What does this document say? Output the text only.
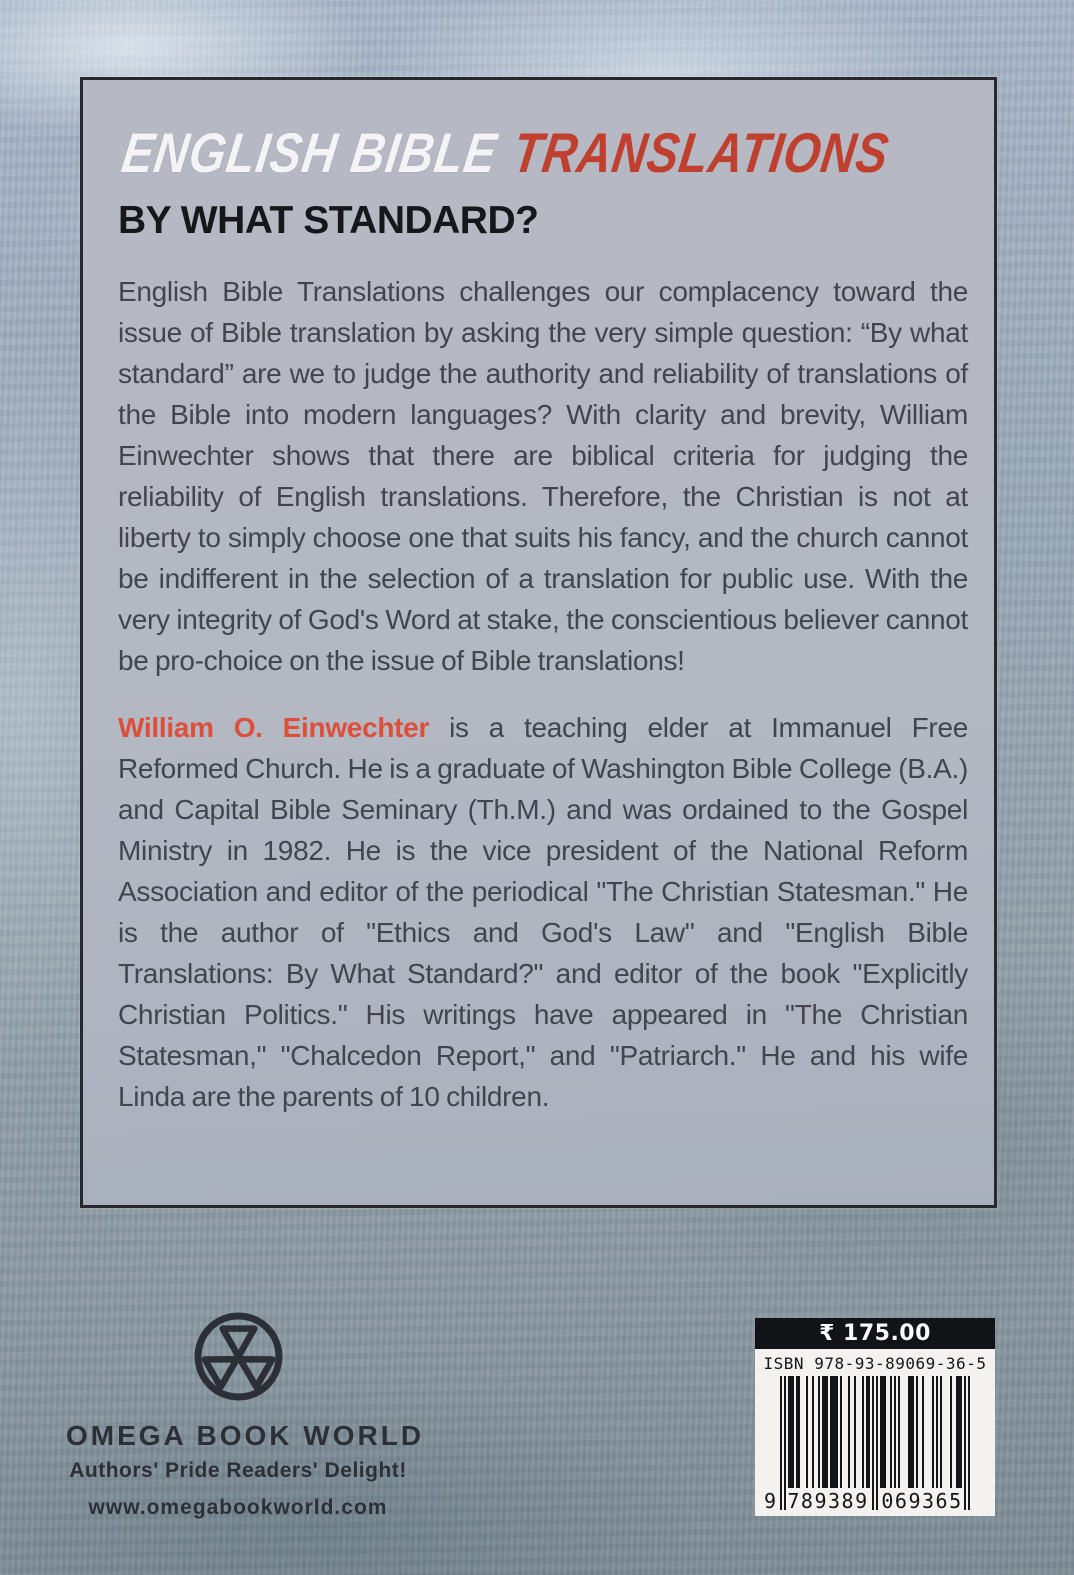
ENGLISH BIBLE TRANSLATIONS
BY WHAT STANDARD?

English Bible Translations challenges our complacency toward the issue of Bible translation by asking the very simple question: “By what standard” are we to judge the authority and reliability of translations of the Bible into modern languages? With clarity and brevity, William Einwechter shows that there are biblical criteria for judging the reliability of English translations. Therefore, the Christian is not at liberty to simply choose one that suits his fancy, and the church cannot be indifferent in the selection of a translation for public use. With the very integrity of God's Word at stake, the conscientious believer cannot be pro-choice on the issue of Bible translations!

William O. Einwechter is a teaching elder at Immanuel Free Reformed Church. He is a graduate of Washington Bible College (B.A.) and Capital Bible Seminary (Th.M.) and was ordained to the Gospel Ministry in 1982. He is the vice president of the National Reform Association and editor of the periodical "The Christian Statesman." He is the author of "Ethics and God's Law" and "English Bible Translations: By What Standard?" and editor of the book "Explicitly Christian Politics." His writings have appeared in "The Christian Statesman," "Chalcedon Report," and "Patriarch." He and his wife Linda are the parents of 10 children.

OMEGA BOOK WORLD
Authors' Pride Readers' Delight!
www.omegabookworld.com
₹ 175.00
ISBN 978-93-89069-36-5
9 789389 069365
